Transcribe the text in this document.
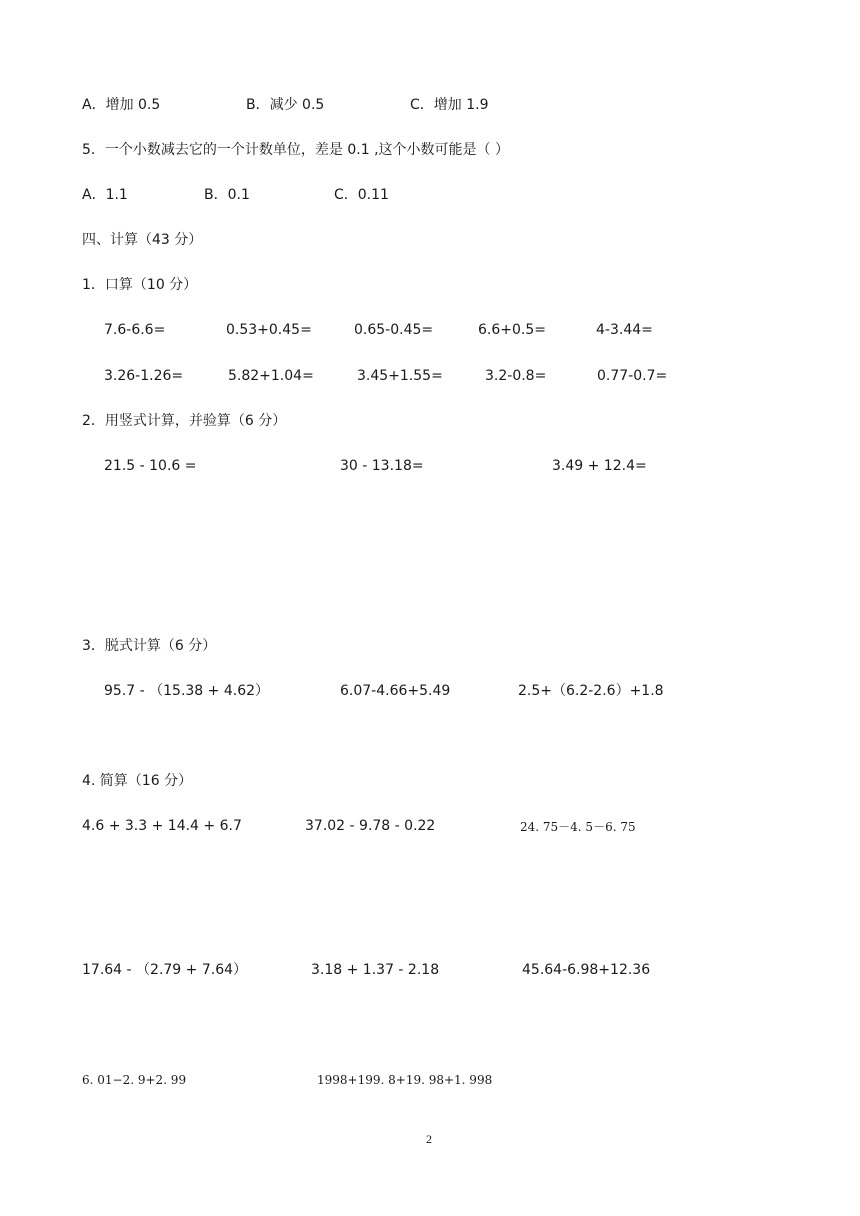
A．增加 0.5	B．减少 0.5	C．增加 1.9
5．一个小数减去它的一个计数单位，差是 0.1 ,这个小数可能是（ ）
A．1.1	B．0.1	C．0.11
四、计算（43 分）
1．口算（10 分）
7.6-6.6=	0.53+0.45=	0.65-0.45=	6.6+0.5=	4-3.44=
3.26-1.26=	5.82+1.04=	3.45+1.55=	3.2-0.8=	0.77-0.7=
2．用竖式计算，并验算（6 分）
21.5 - 10.6 =	30 - 13.18=	3.49 + 12.4=
3．脱式计算（6 分）
95.7 - （15.38 + 4.62）	6.07-4.66+5.49	2.5+（6.2-2.6）+1.8
4. 简算（16 分）
4.6 + 3.3 + 14.4 + 6.7	37.02 - 9.78 - 0.22	24. 75－4. 5－6. 75
17.64 - （2.79 + 7.64）	3.18 + 1.37 - 2.18	45.64-6.98+12.36
6. 01−2. 9+2. 99	1998+199. 8+19. 98+1. 998
2
